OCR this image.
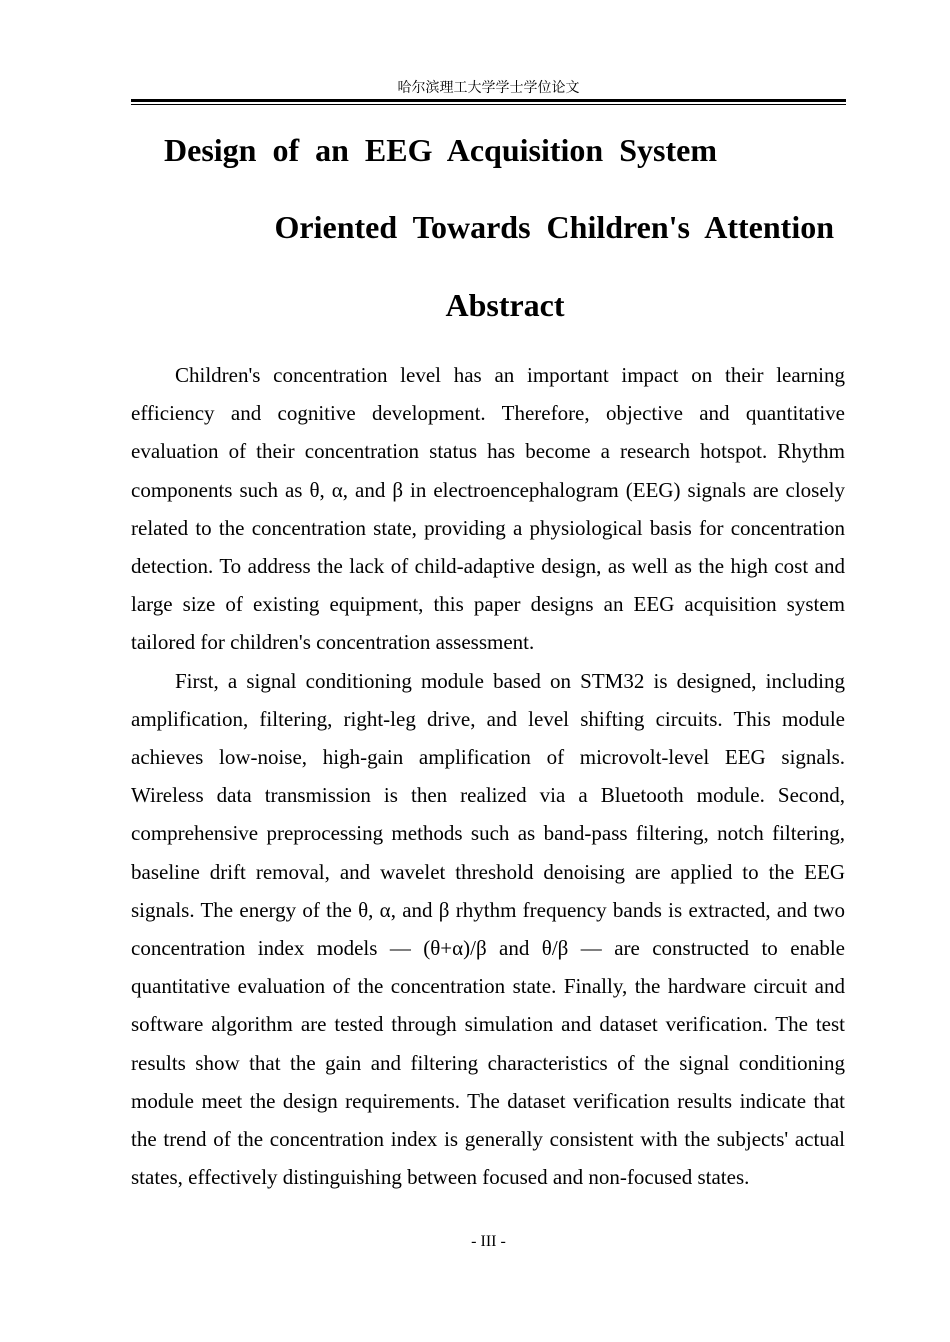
哈尔滨理工大学学士学位论文
Design of an EEG Acquisition System
Oriented Towards Children's Attention
Abstract

Children's concentration level has an important impact on their learning efficiency and cognitive development. Therefore, objective and quantitative evaluation of their concentration status has become a research hotspot. Rhythm components such as θ, α, and β in electroencephalogram (EEG) signals are closely related to the concentration state, providing a physiological basis for concentration detection. To address the lack of child-adaptive design, as well as the high cost and large size of existing equipment, this paper designs an EEG acquisition system tailored for children's concentration assessment.

First, a signal conditioning module based on STM32 is designed, including amplification, filtering, right-leg drive, and level shifting circuits. This module achieves low-noise, high-gain amplification of microvolt-level EEG signals. Wireless data transmission is then realized via a Bluetooth module. Second, comprehensive preprocessing methods such as band-pass filtering, notch filtering, baseline drift removal, and wavelet threshold denoising are applied to the EEG signals. The energy of the θ, α, and β rhythm frequency bands is extracted, and two concentration index models — (θ+α)/β and θ/β — are constructed to enable quantitative evaluation of the concentration state. Finally, the hardware circuit and software algorithm are tested through simulation and dataset verification. The test results show that the gain and filtering characteristics of the signal conditioning module meet the design requirements. The dataset verification results indicate that the trend of the concentration index is generally consistent with the subjects' actual states, effectively distinguishing between focused and non-focused states.

- III -
